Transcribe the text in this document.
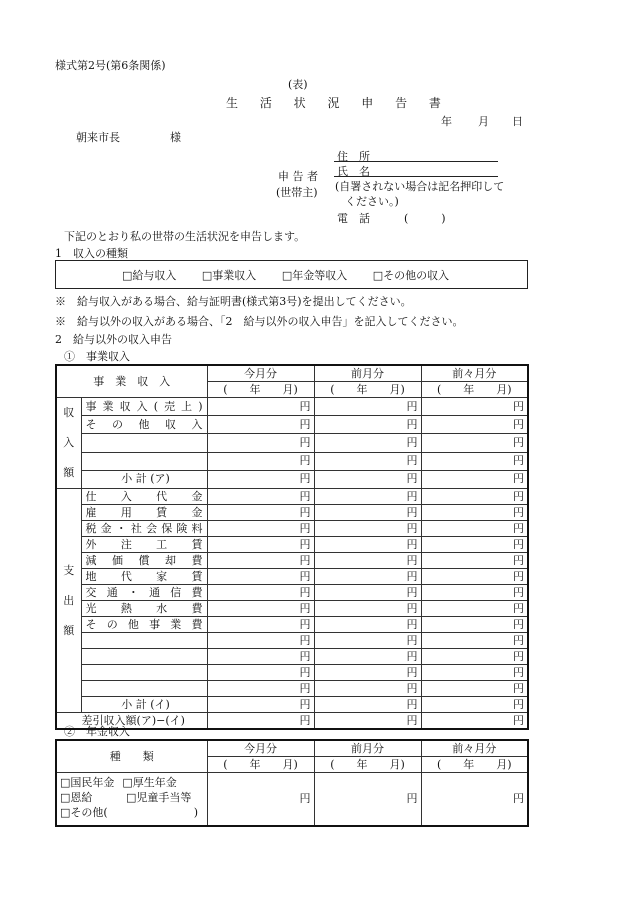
様式第2号(第6条関係)
(表)
生 活 状 況 申 告 書
年 月 日
朝来市長	様
申 告 者
(世帯主)
住　所
氏　名
(自署されない場合は記名押印して
ください。)
電　話	(　　　)
下記のとおり私の世帯の生活状況を申告します。
1　収入の種類
□給与収入 □事業収入 □年金等収入 □その他の収入
※　給与収入がある場合、給与証明書(様式第3号)を提出してください。
※　給与以外の収入がある場合、「2　給与以外の収入申告」を記入してください。
2　給与以外の収入申告
①　事業収入
事　業　収　入		今月分	前月分	前々月分
		(　　年　　月)	(　　年　　月)	(　　年　　月)

収
入
額	事業収入(売上)	円	円	円
	その他収入	円	円	円
		円	円	円
		円	円	円
	小 計 (ア)	円	円	円

支
出
額	仕入代金	円	円	円
	雇用賃金	円	円	円
	税金・社会保険料	円	円	円
	外注工賃	円	円	円
	減価償却費	円	円	円
	地代家賃	円	円	円
	交通・通信費	円	円	円
	光熱水費	円	円	円
	その他事業費	円	円	円
		円	円	円
		円	円	円
		円	円	円
		円	円	円
	小 計 (イ)	円	円	円
差引収入額(ア)−(イ)		円	円	円
②　年金収入
種　　類	今月分	前月分	前々月分
	(　　年　　月)	(　　年　　月)	(　　年　　月)

□国民年金 □厚生年金
□恩給 □児童手当等
□その他( )	円	円	円
